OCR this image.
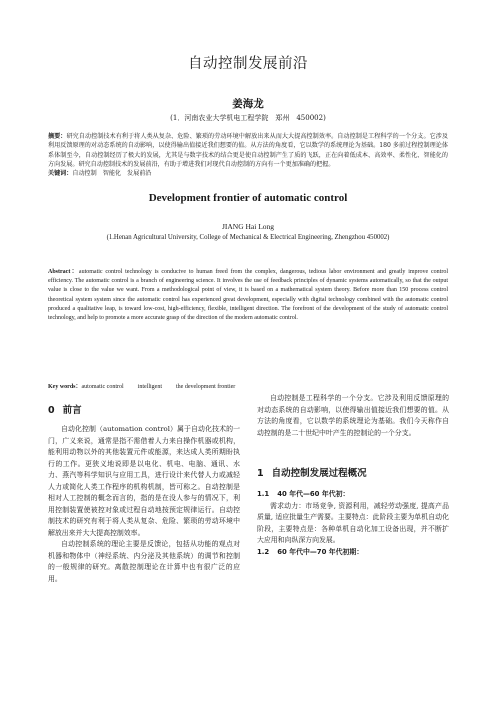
自动控制发展前沿
姜海龙
(1．河南农业大学机电工程学院　郑州　450002)
摘要：研究自动控制技术有利于将人类从复杂、危险、繁琐的劳动环境中解放出来从而大大提高控制效率。自动控制是工程科学的一个分支。它涉及利用反馈原理的对动态系统的自动影响，以使得输出值接近我们想要的值。从方法的角度看，它以数学的系统理论为基础。180 多前过程控制理论体系体制至今，自动控制经历了极大的发展，尤其是与数字技术的结合更是使自动控制产生了质的飞跃，正在向着低成本、高效率、柔性化、智能化的方向发展。研究自动控制技术的发展前沿，有助于增进我们对现代自动控制的方向有一个更加准确的把握。
关键词：自动控制 智能化 发展前沿
Development frontier of automatic control
JIANG Hai Long
(1.Henan Agricultural University, College of Mechanical & Electrical Engineering, Zhengzhou 450002)
Abstract：automatic control technology is conducive to human freed from the complex, dangerous, tedious labor environment and greatly improve control efficiency. The automatic control is a branch of engineering science. It involves the use of feedback principles of dynamic systems automatically, so that the output value is close to the value we want. From a methodological point of view, it is based on a mathematical system theory. Before more than 150 process control theoretical system system since the automatic control has experienced great development, especially with digital technology combined with the automatic control produced a qualitative leap, is toward low-cost, high-efficiency, flexible, intelligent direction. The forefront of the development of the study of automatic control technology, and help to promote a more accurate grasp of the direction of the modern automatic control.
Key words：automatic control intelligent the development frontier
0 前言

自动化控制（automation control）属于自动化技术的一门，广义来说，通常是指不需借着人力来自操作机器或机构，能利用动物以外的其他装置元件或能源，来达成人类所期盼执行的工作。更狭义地说即是以电化、机电、电脑、通讯、水力、燕汽等科学知识与应用工具，进行设计来代替人力或减轻人力或简化人类工作程序的机构机制，皆可称之。自动控制是相对人工控制的概念而言的，指的是在没人参与的情况下，利用控制装置使被控对象或过程自动地按预定规律运行。自动控制技术的研究有利于将人类从复杂、危险、繁琐的劳动环境中解放出来并大大提高控制效率。

自动控制系统的理论主要是反馈论，包括从功能的观点对机器和物体中（神经系统、内分泌及其他系统）的调节和控制的一般规律的研究。离散控制理论在计算中也有很广泛的应用。

自动控制是工程科学的一个分支。它涉及利用反馈原理的对动态系统的自动影响，以使得输出值接近我们想要的值。从方法的角度看，它以数学的系统理论为基础。我们今天称作自动控制的是二十世纪中叶产生的控制论的一个分支。

1 自动控制发展过程概况
1.1 40 年代—60 年代初：

需求动力：市场竞争, 资源利用，减轻劳动强度, 提高产品质量, 适应批量生产需要。主要特点：此阶段主要为单机自动化阶段，主要特点是：各种单机自动化加工设备出现，并不断扩大应用和向纵深方向发展。

1.2 60 年代中—70 年代初期：
